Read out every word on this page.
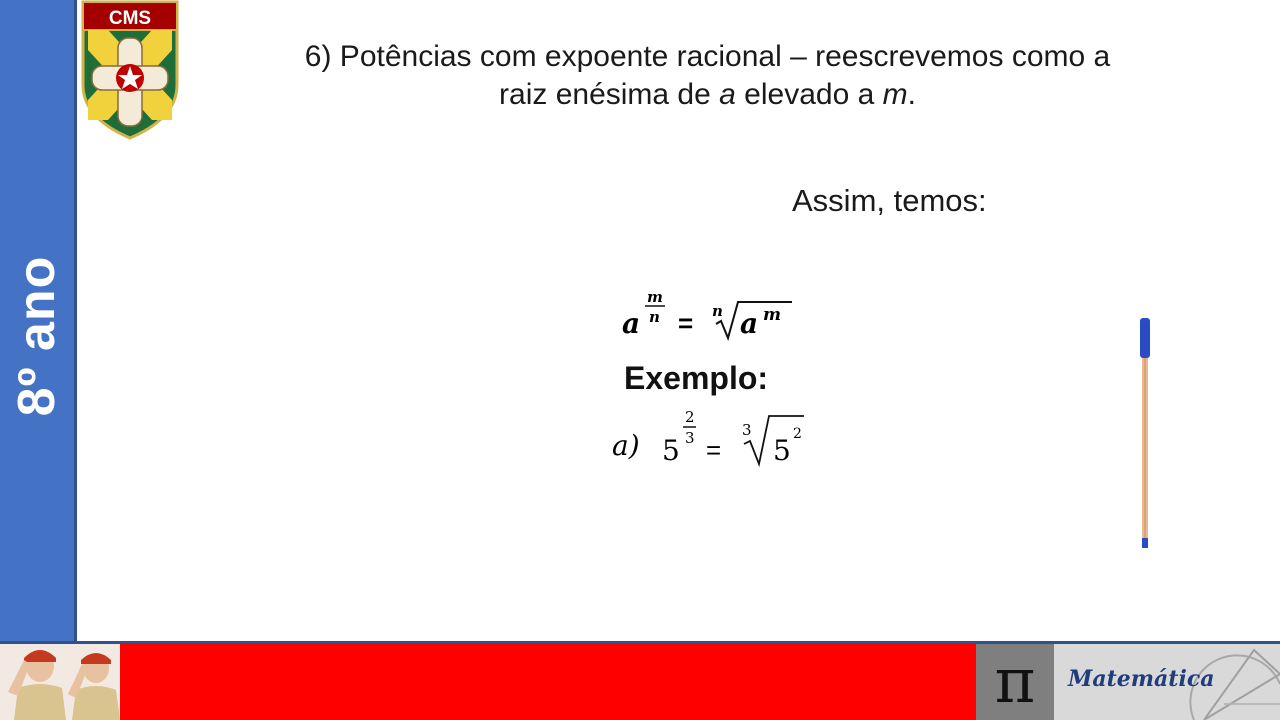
8º ano
CMS
6) Potências com expoente racional – reescrevemos como a
raiz enésima de a elevado a m.
Assim, temos:
a
m
n = n a m
Exemplo:
a) 5
2
3 =
3
5 2
π	Matemática
